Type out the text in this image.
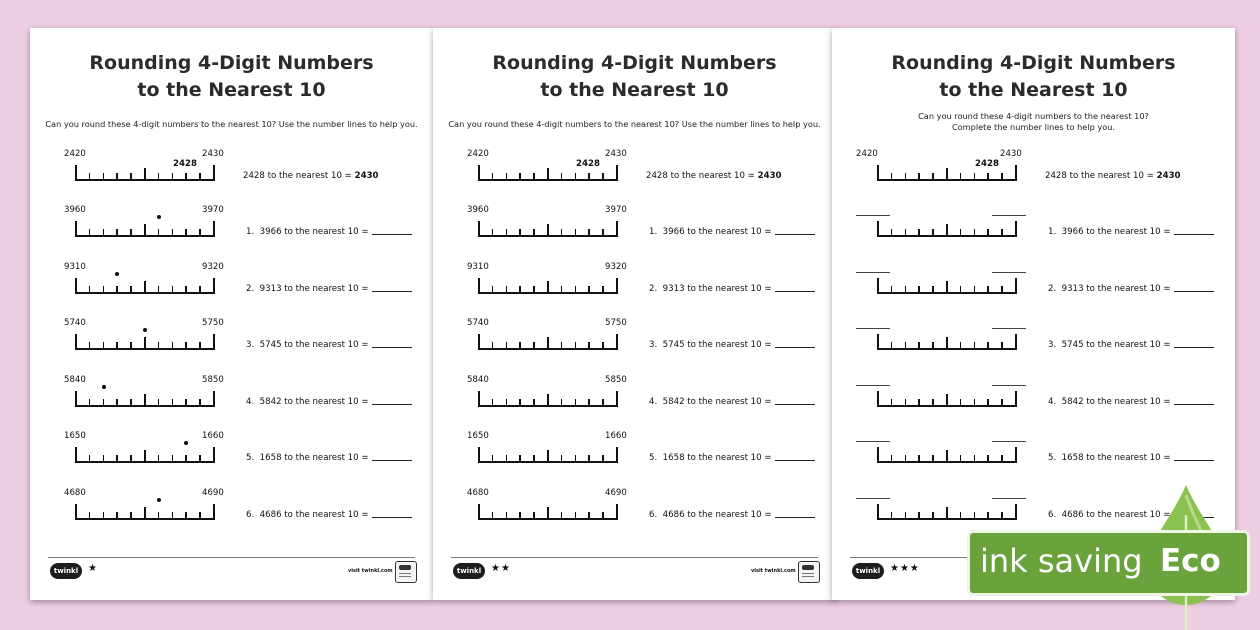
Rounding 4-Digit Numbers
to the Nearest 10
Can you round these 4-digit numbers to the nearest 10? Use the number lines to help you.
2420	2430
2428
2428 to the nearest 10 = 2430
3960	3970
1. 3966 to the nearest 10 =
9310	9320
2. 9313 to the nearest 10 =
5740	5750
3. 5745 to the nearest 10 =
5840	5850
4. 5842 to the nearest 10 =
1650	1660
5. 1658 to the nearest 10 =
4680	4690
6. 4686 to the nearest 10 =
twinkl ★	visit twinkl.com
Rounding 4-Digit Numbers
to the Nearest 10
Can you round these 4-digit numbers to the nearest 10? Use the number lines to help you.
2420	2430
2428
2428 to the nearest 10 = 2430
3960	3970
1. 3966 to the nearest 10 =
9310	9320
2. 9313 to the nearest 10 =
5740	5750
3. 5745 to the nearest 10 =
5840	5850
4. 5842 to the nearest 10 =
1650	1660
5. 1658 to the nearest 10 =
4680	4690
6. 4686 to the nearest 10 =
twinkl ★★	visit twinkl.com
Rounding 4-Digit Numbers
to the Nearest 10
Can you round these 4-digit numbers to the nearest 10?
Complete the number lines to help you.
2420	2430
2428
2428 to the nearest 10 = 2430
1. 3966 to the nearest 10 =
2. 9313 to the nearest 10 =
3. 5745 to the nearest 10 =
4. 5842 to the nearest 10 =
5. 1658 to the nearest 10 =
6. 4686 to the nearest 10 =
twinkl ★★★ ink saving Eco
